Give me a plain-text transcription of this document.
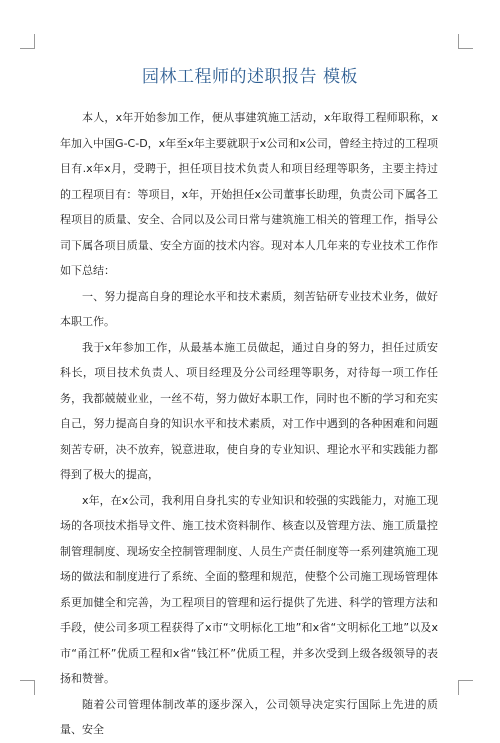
园林工程师的述职报告 模板

本人，x年开始参加工作，便从事建筑施工活动，x年取得工程师职称，x年加入中国G-C-D，x年至x年主要就职于x公司和x公司，曾经主持过的工程项目有.x年x月，受聘于，担任项目技术负责人和项目经理等职务，主要主持过的工程项目有：等项目，x年，开始担任x公司董事长助理，负责公司下属各工程项目的质量、安全、合同以及公司日常与建筑施工相关的管理工作，指导公司下属各项目质量、安全方面的技术内容。现对本人几年来的专业技术工作作如下总结：

一、努力提高自身的理论水平和技术素质，刻苦钻研专业技术业务，做好本职工作。

我于x年参加工作，从最基本施工员做起，通过自身的努力，担任过质安科长，项目技术负责人、项目经理及分公司经理等职务，对待每一项工作任务，我都兢兢业业，一丝不苟，努力做好本职工作，同时也不断的学习和充实自己，努力提高自身的知识水平和技术素质，对工作中遇到的各种困难和问题刻苦专研，决不放弃，锐意进取，使自身的专业知识、理论水平和实践能力都得到了极大的提高，

x年，在x公司，我利用自身扎实的专业知识和较强的实践能力，对施工现场的各项技术指导文件、施工技术资料制作、核查以及管理方法、施工质量控制管理制度、现场安全控制管理制度、人员生产责任制度等一系列建筑施工现场的做法和制度进行了系统、全面的整理和规范，使整个公司施工现场管理体系更加健全和完善，为工程项目的管理和运行提供了先进、科学的管理方法和手段，使公司多项工程获得了x市“文明标化工地”和x省“文明标化工地”以及x市“甬江杯”优质工程和x省“钱江杯”优质工程，并多次受到上级各级领导的表扬和赞誉。

随着公司管理体制改革的逐步深入，公司领导决定实行国际上先进的质量、安全
